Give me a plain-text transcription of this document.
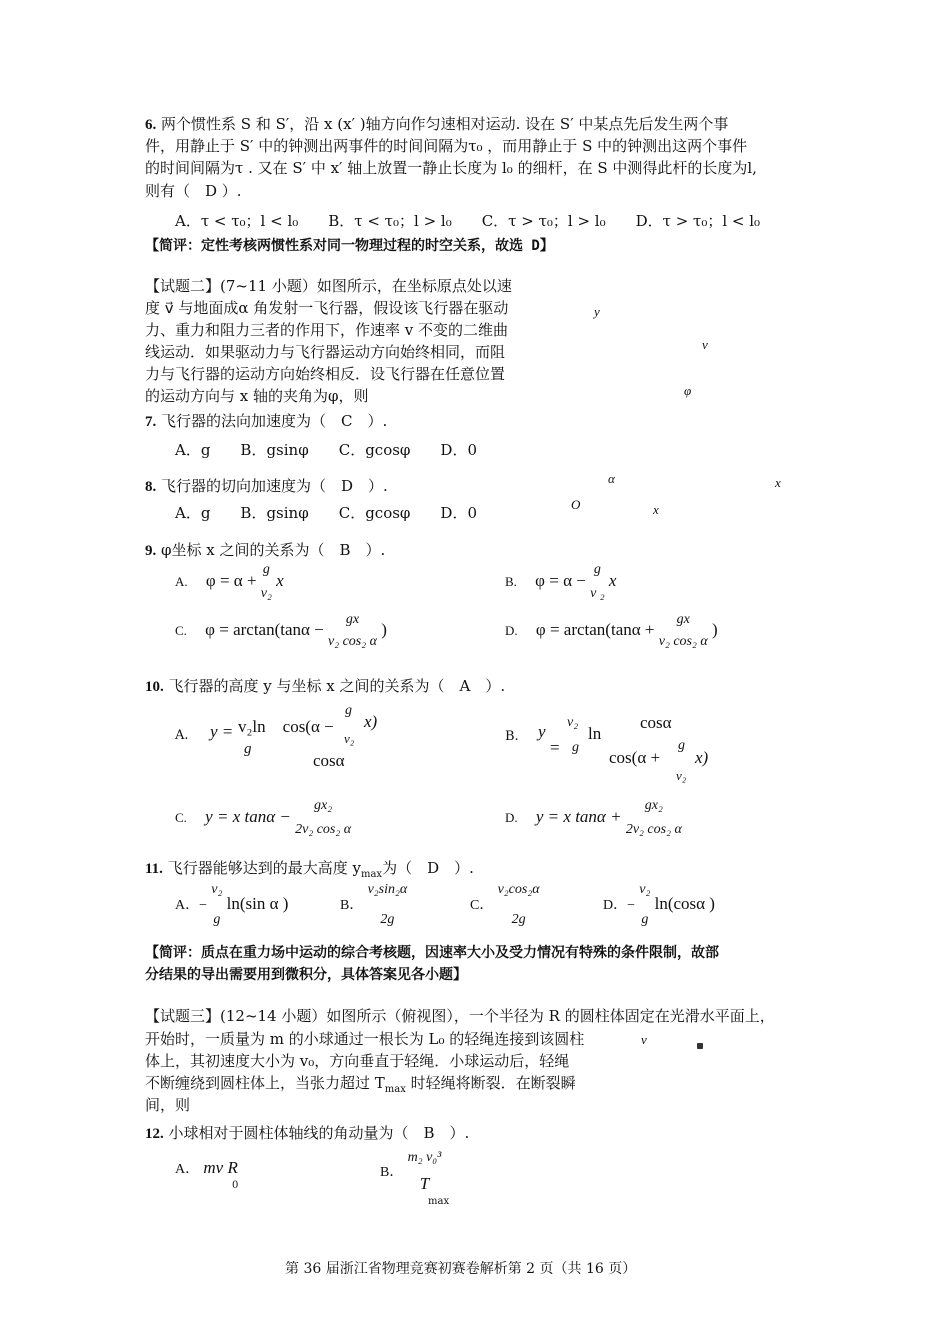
6. 两个惯性系 S 和 S′，沿 x (x′ )轴方向作匀速相对运动. 设在 S′ 中某点先后发生两个事
件，用静止于 S′ 中的钟测出两事件的时间间隔为τ₀ ，而用静止于 S 中的钟测出这两个事件
的时间间隔为τ . 又在 S′ 中 x′ 轴上放置一静止长度为 l₀ 的细杆，在 S 中测得此杆的长度为l,
则有（　D ）.
A．τ < τ₀；l < l₀　　B．τ < τ₀；l > l₀　　C．τ > τ₀；l > l₀　　D．τ > τ₀；l < l₀
【简评：定性考核两惯性系对同一物理过程的时空关系，故选 D】
【试题二】(7~11 小题）如图所示，在坐标原点处以速
度 v⃗ 与地面成α 角发射一飞行器，假设该飞行器在驱动
力、重力和阻力三者的作用下，作速率 v 不变的二维曲
线运动．如果驱动力与飞行器运动方向始终相同，而阻
力与飞行器的运动方向始终相反．设飞行器在任意位置
的运动方向与 x 轴的夹角为φ，则
y
v
φ
α	x
O	x
7. 飞行器的法向加速度为（　C　）.
A．g　　B．gsinφ　　C．gcosφ　　D．0
8. 飞行器的切向加速度为（　D　）.
A．g　　B．gsinφ　　C．gcosφ　　D．0
9. φ坐标 x 之间的关系为（　B　）.
A. φ = α +
g
v₂
x	B. φ = α −
g
v ₂
x
C. φ = arctan(tanα −
gx
v₂ cos₂ α
)	D. φ = arctan(tanα +
gx
v₂ cos₂ α
)
10. 飞行器的高度 y 与坐标 x 之间的关系为（　A　）.
A. y = v₂ln　cos(α −
g
v₂
x)
g
cosα
B. y
=
v₂
ln
g
cosα
cos(α +
g
v₂
x)
C. y = x tanα −
gx₂
2v₂ cos₂ α
D. y = x tanα +
gx₂
2v₂ cos₂ α
11. 飞行器能够达到的最大高度 $y_{max}$为（　D　）.
A．−
v₂
g
ln(sin α )	B．
v₂sin₂α
2g
C．
v₂cos₂α
2g
D．−
v₂
g
ln(cosα )
【简评：质点在重力场中运动的综合考核题，因速率大小及受力情况有特殊的条件限制，故部
分结果的导出需要用到微积分，具体答案见各小题】
【试题三】(12~14 小题）如图所示（俯视图），一个半径为 R 的圆柱体固定在光滑水平面上，
开始时，一质量为 m 的小球通过一根长为 L₀ 的轻绳连接到该圆柱
体上，其初速度大小为 v₀，方向垂直于轻绳．小球运动后，轻绳
不断缠绕到圆柱体上，当张力超过 $T_{max}$ 时轻绳将断裂．在断裂瞬
间，则
v
12. 小球相对于圆柱体轴线的角动量为（　B　）.
A． mv R
0
B．
m₂ v₀³
T
max
第 36 届浙江省物理竞赛初赛卷解析第 2 页（共 16 页）
